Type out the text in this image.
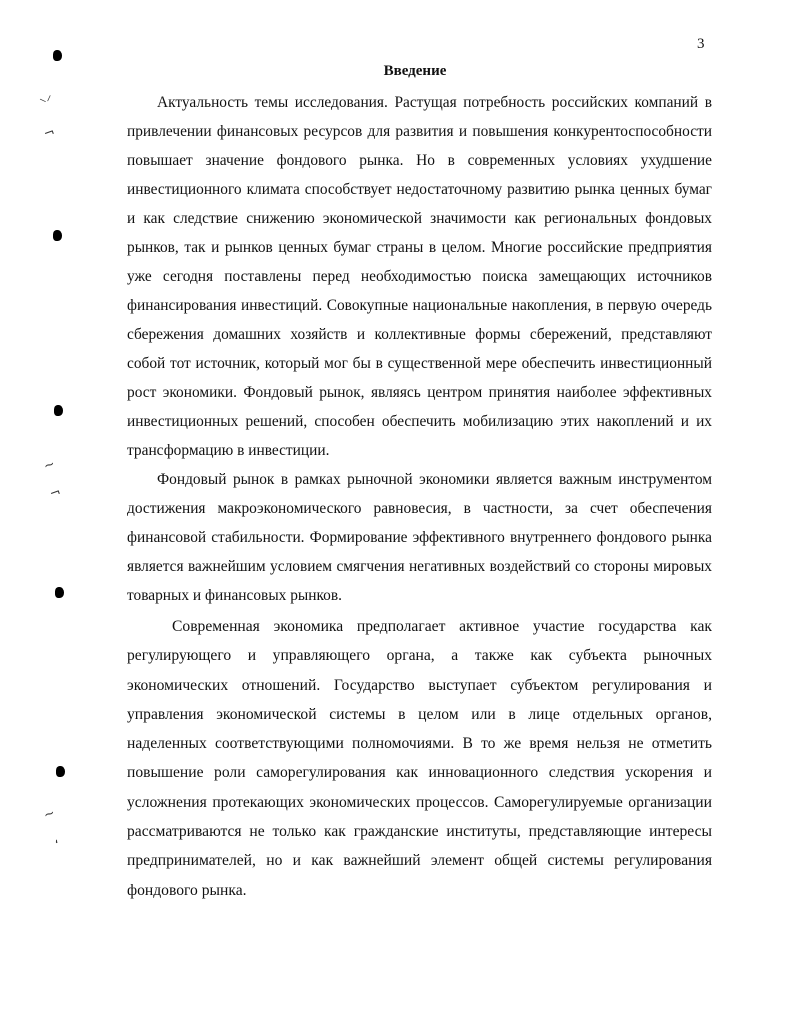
3
Введение

Актуальность темы исследования. Растущая потребность российских компаний в привлечении финансовых ресурсов для развития и повышения конкурентоспособности повышает значение фондового рынка. Но в современных условиях ухудшение инвестиционного климата способствует недостаточному развитию рынка ценных бумаг и как следствие снижению экономической значимости как региональных фондовых рынков, так и рынков ценных бумаг страны в целом. Многие российские предприятия уже сегодня поставлены перед необходимостью поиска замещающих источников финансирования инвестиций. Совокупные национальные накопления, в первую очередь сбережения домашних хозяйств и коллективные формы сбережений, представляют собой тот источник, который мог бы в существенной мере обеспечить инвестиционный рост экономики. Фондовый рынок, являясь центром принятия наиболее эффективных инвестиционных решений, способен обеспечить мобилизацию этих накоплений и их трансформацию в инвестиции.

Фондовый рынок в рамках рыночной экономики является важным инструментом достижения макроэкономического равновесия, в частности, за счет обеспечения финансовой стабильности. Формирование эффективного внутреннего фондового рынка является важнейшим условием смягчения негативных воздействий со стороны мировых товарных и финансовых рынков.

Современная экономика предполагает активное участие государства как регулирующего и управляющего органа, а также как субъекта рыночных экономических отношений. Государство выступает субъектом регулирования и управления экономической системы в целом или в лице отдельных органов, наделенных соответствующими полномочиями. В то же время нельзя не отметить повышение роли саморегулирования как инновационного следствия ускорения и усложнения протекающих экономических процессов. Саморегулируемые организации рассматриваются не только как гражданские институты, представляющие интересы предпринимателей, но и как важнейший элемент общей системы регулирования фондового рынка.

⸌⸍
¬
~
¬
~
‘
